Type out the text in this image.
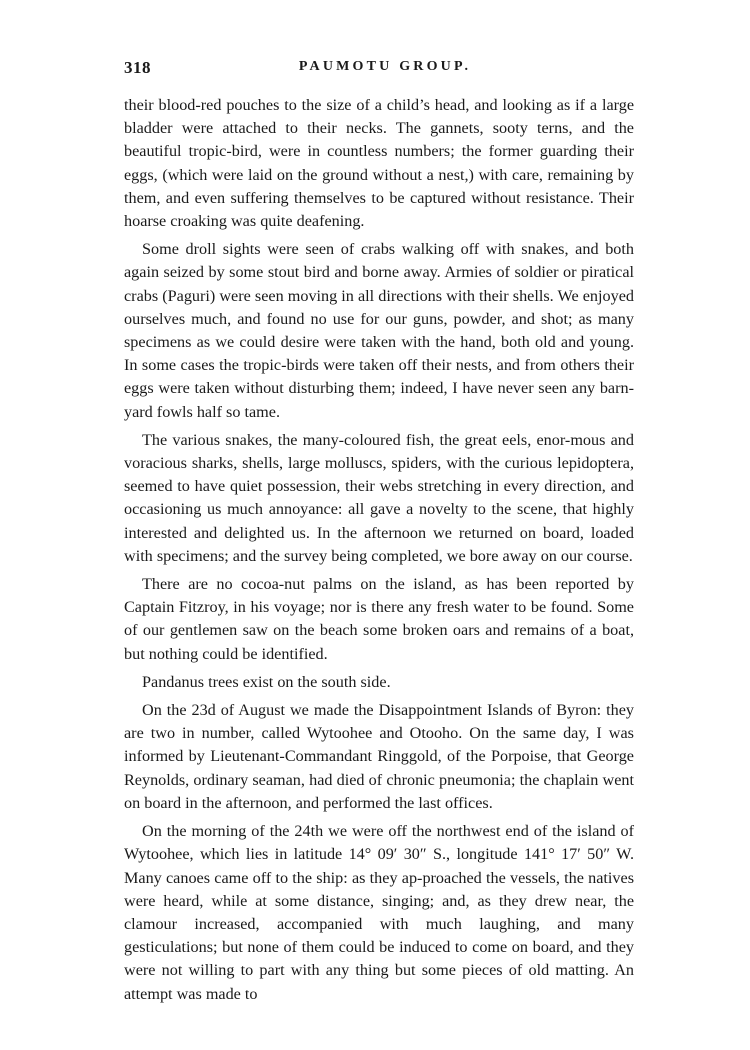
318	PAUMOTU GROUP.

their blood-red pouches to the size of a child’s head, and looking as if a large bladder were attached to their necks. The gannets, sooty terns, and the beautiful tropic-bird, were in countless numbers; the former guarding their eggs, (which were laid on the ground without a nest,) with care, remaining by them, and even suffering themselves to be captured without resistance. Their hoarse croaking was quite deafening.

Some droll sights were seen of crabs walking off with snakes, and both again seized by some stout bird and borne away. Armies of soldier or piratical crabs (Paguri) were seen moving in all directions with their shells. We enjoyed ourselves much, and found no use for our guns, powder, and shot; as many specimens as we could desire were taken with the hand, both old and young. In some cases the tropic-birds were taken off their nests, and from others their eggs were taken without disturbing them; indeed, I have never seen any barn-yard fowls half so tame.

The various snakes, the many-coloured fish, the great eels, enor-mous and voracious sharks, shells, large molluscs, spiders, with the curious lepidoptera, seemed to have quiet possession, their webs stretching in every direction, and occasioning us much annoyance: all gave a novelty to the scene, that highly interested and delighted us. In the afternoon we returned on board, loaded with specimens; and the survey being completed, we bore away on our course.

There are no cocoa-nut palms on the island, as has been reported by Captain Fitzroy, in his voyage; nor is there any fresh water to be found. Some of our gentlemen saw on the beach some broken oars and remains of a boat, but nothing could be identified.

Pandanus trees exist on the south side.

On the 23d of August we made the Disappointment Islands of Byron: they are two in number, called Wytoohee and Otooho. On the same day, I was informed by Lieutenant-Commandant Ringgold, of the Porpoise, that George Reynolds, ordinary seaman, had died of chronic pneumonia; the chaplain went on board in the afternoon, and performed the last offices.

On the morning of the 24th we were off the northwest end of the island of Wytoohee, which lies in latitude 14° 09′ 30″ S., longitude 141° 17′ 50″ W. Many canoes came off to the ship: as they ap-proached the vessels, the natives were heard, while at some distance, singing; and, as they drew near, the clamour increased, accompanied with much laughing, and many gesticulations; but none of them could be induced to come on board, and they were not willing to part with any thing but some pieces of old matting. An attempt was made to
